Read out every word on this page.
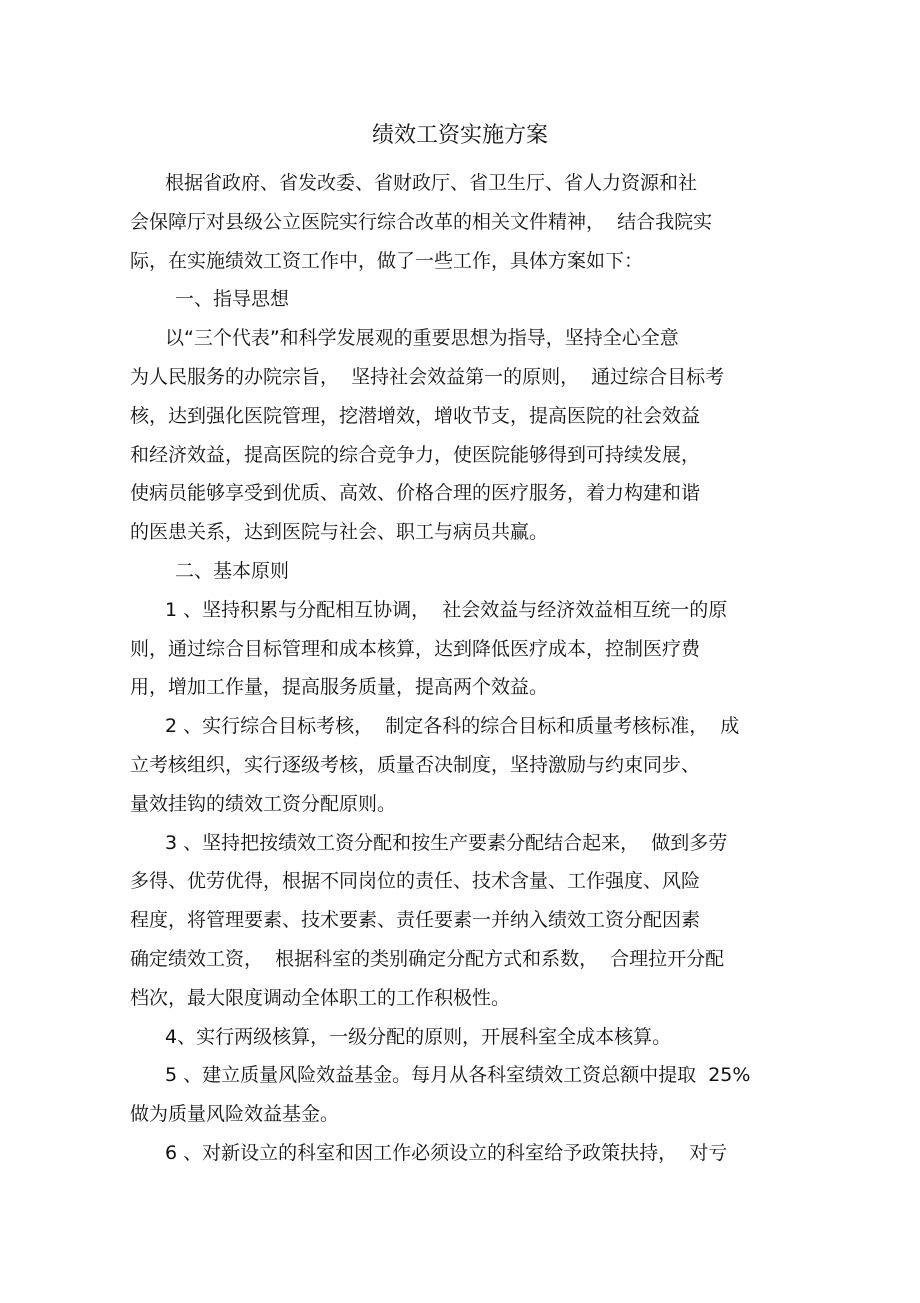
绩效工资实施方案
根据省政府、省发改委、省财政厅、省卫生厅、省人力资源和社
会保障厅对县级公立医院实行综合改革的相关文件精神，  结合我院实
际，在实施绩效工资工作中，做了一些工作，具体方案如下：
一、指导思想
以“三个代表”和科学发展观的重要思想为指导，坚持全心全意
为人民服务的办院宗旨，  坚持社会效益第一的原则，  通过综合目标考
核，达到强化医院管理，挖潜增效，增收节支，提高医院的社会效益
和经济效益，提高医院的综合竞争力，使医院能够得到可持续发展，
使病员能够享受到优质、高效、价格合理的医疗服务，着力构建和谐
的医患关系，达到医院与社会、职工与病员共赢。
二、基本原则
1 、坚持积累与分配相互协调，  社会效益与经济效益相互统一的原
则，通过综合目标管理和成本核算，达到降低医疗成本，控制医疗费
用，增加工作量，提高服务质量，提高两个效益。
2 、实行综合目标考核，  制定各科的综合目标和质量考核标准，  成
立考核组织，实行逐级考核，质量否决制度，坚持激励与约束同步、
量效挂钩的绩效工资分配原则。
3 、坚持把按绩效工资分配和按生产要素分配结合起来，  做到多劳
多得、优劳优得，根据不同岗位的责任、技术含量、工作强度、风险
程度，将管理要素、技术要素、责任要素一并纳入绩效工资分配因素
确定绩效工资，  根据科室的类别确定分配方式和系数，  合理拉开分配
档次，最大限度调动全体职工的工作积极性。
4、实行两级核算，一级分配的原则，开展科室全成本核算。
5 、建立质量风险效益基金。每月从各科室绩效工资总额中提取  25%
做为质量风险效益基金。
6 、对新设立的科室和因工作必须设立的科室给予政策扶持，  对亏
